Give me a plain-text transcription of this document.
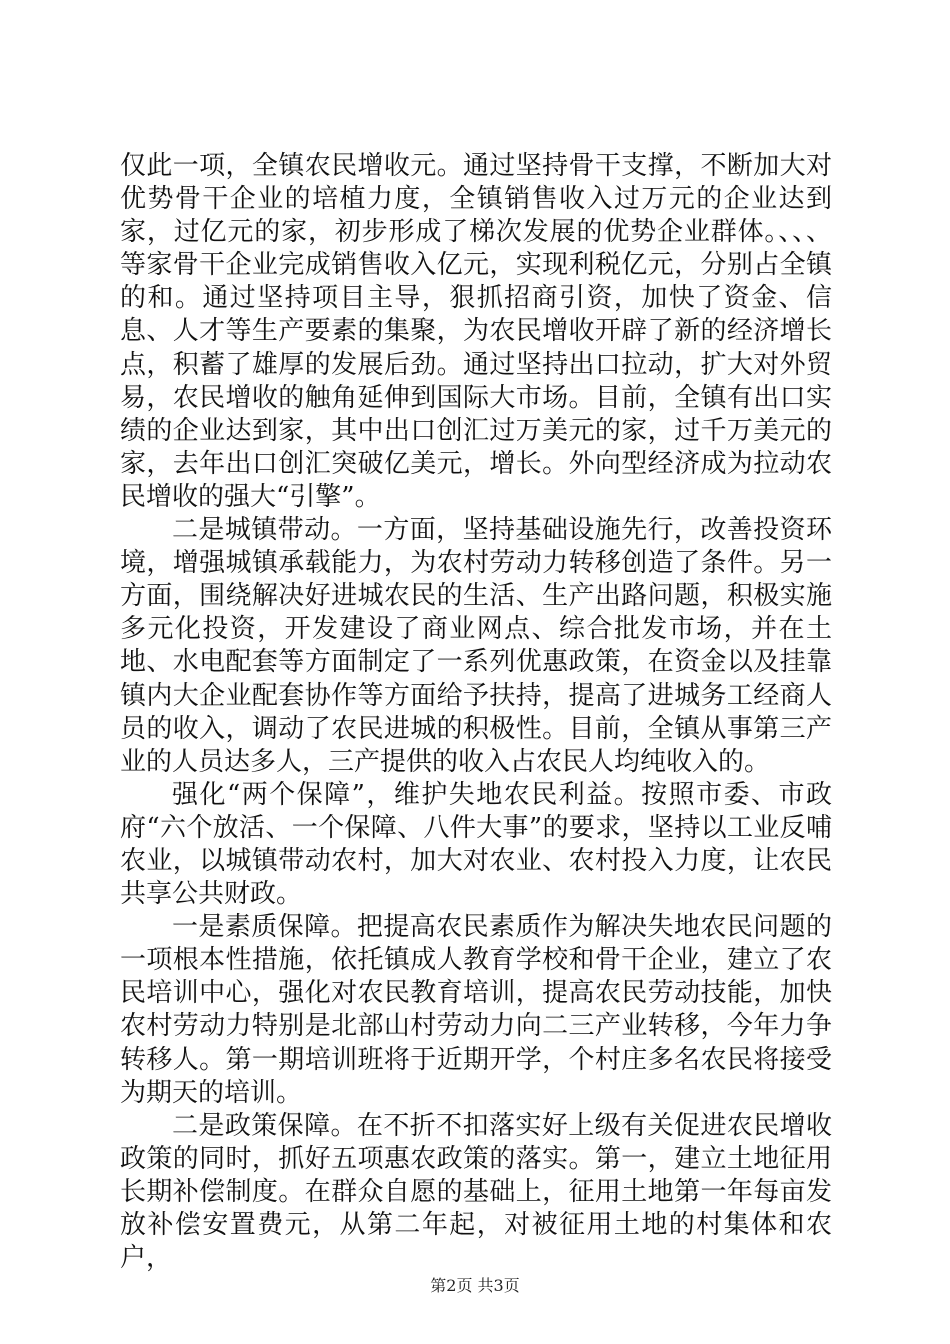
仅此一项，全镇农民增收元。通过坚持骨干支撑，不断加大对优势骨干企业的培植力度，全镇销售收入过万元的企业达到家，过亿元的家，初步形成了梯次发展的优势企业群体。、、、等家骨干企业完成销售收入亿元，实现利税亿元，分别占全镇的和。通过坚持项目主导，狠抓招商引资，加快了资金、信息、人才等生产要素的集聚，为农民增收开辟了新的经济增长点，积蓄了雄厚的发展后劲。通过坚持出口拉动，扩大对外贸易，农民增收的触角延伸到国际大市场。目前，全镇有出口实绩的企业达到家，其中出口创汇过万美元的家，过千万美元的家，去年出口创汇突破亿美元，增长。外向型经济成为拉动农民增收的强大“引擎”。

二是城镇带动。一方面，坚持基础设施先行，改善投资环境，增强城镇承载能力，为农村劳动力转移创造了条件。另一方面，围绕解决好进城农民的生活、生产出路问题，积极实施多元化投资，开发建设了商业网点、综合批发市场，并在土地、水电配套等方面制定了一系列优惠政策，在资金以及挂靠镇内大企业配套协作等方面给予扶持，提高了进城务工经商人员的收入，调动了农民进城的积极性。目前，全镇从事第三产业的人员达多人，三产提供的收入占农民人均纯收入的。

强化“两个保障”，维护失地农民利益。按照市委、市政府“六个放活、一个保障、八件大事”的要求，坚持以工业反哺农业，以城镇带动农村，加大对农业、农村投入力度，让农民共享公共财政。

一是素质保障。把提高农民素质作为解决失地农民问题的一项根本性措施，依托镇成人教育学校和骨干企业，建立了农民培训中心，强化对农民教育培训，提高农民劳动技能，加快农村劳动力特别是北部山村劳动力向二三产业转移，今年力争转移人。第一期培训班将于近期开学，个村庄多名农民将接受为期天的培训。

二是政策保障。在不折不扣落实好上级有关促进农民增收政策的同时，抓好五项惠农政策的落实。第一，建立土地征用长期补偿制度。在群众自愿的基础上，征用土地第一年每亩发放补偿安置费元，从第二年起，对被征用土地的村集体和农户，

第2页 共3页
